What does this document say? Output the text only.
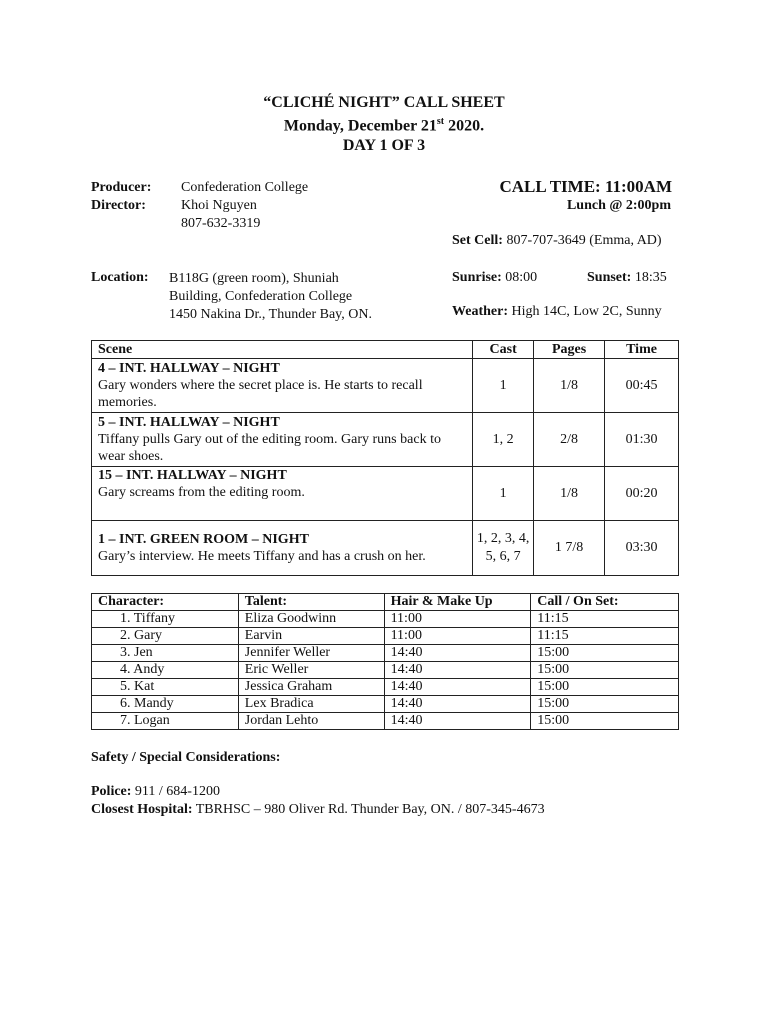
“CLICHÉ NIGHT” CALL SHEET
Monday, December 21st 2020.
DAY 1 OF 3
Producer: Confederation College
Director:	Khoi Nguyen
807-632-3319
CALL TIME: 11:00AM
Lunch @ 2:00pm
Set Cell: 807-707-3649 (Emma, AD)
Location: B118G (green room), Shuniah
Building, Confederation College
1450 Nakina Dr., Thunder Bay, ON.
Sunrise: 08:00	Sunset: 18:35
Weather: High 14C, Low 2C, Sunny
Scene	Cast	Pages	Time

4 – INT. HALLWAY – NIGHT
Gary wonders where the secret place is. He starts to recall memories.	1	1/8	00:45

5 – INT. HALLWAY – NIGHT
Tiffany pulls Gary out of the editing room. Gary runs back to wear shoes.	1, 2	2/8	01:30

15 – INT. HALLWAY – NIGHT
Gary screams from the editing room.	1	1/8	00:20

1 – INT. GREEN ROOM – NIGHT
Gary’s interview. He meets Tiffany and has a crush on her.	1, 2, 3, 4, 5, 6, 7	1 7/8	03:30
Character:	Talent:	Hair & Make Up	Call / On Set:
1. Tiffany	Eliza Goodwinn	11:00	11:15
2. Gary	Earvin	11:00	11:15
3. Jen	Jennifer Weller	14:40	15:00
4. Andy	Eric Weller	14:40	15:00
5. Kat	Jessica Graham	14:40	15:00
6. Mandy	Lex Bradica	14:40	15:00
7. Logan	Jordan Lehto	14:40	15:00
Safety / Special Considerations:
Police: 911 / 684-1200
Closest Hospital: TBRHSC – 980 Oliver Rd. Thunder Bay, ON. / 807-345-4673
